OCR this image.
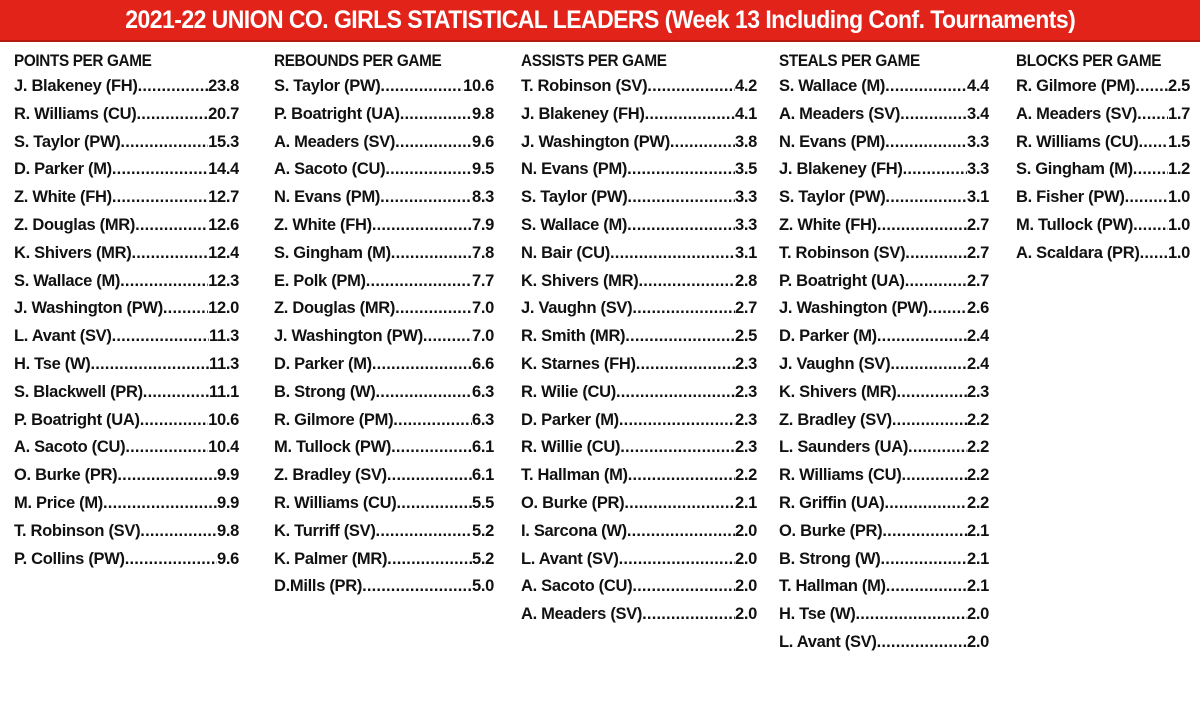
2021-22 UNION CO. GIRLS STATISTICAL LEADERS (Week 13 Including Conf. Tournaments)
POINTS PER GAME
J. Blakeney (FH) .....	23.8
R. Williams (CU) .....	20.7
S. Taylor (PW) .....	15.3
D. Parker (M) .....	14.4
Z. White (FH) .....	12.7
Z. Douglas (MR) .....	12.6
K. Shivers (MR) .....	12.4
S. Wallace (M) .....	12.3
J. Washington (PW) .....	12.0
L. Avant (SV) .....	11.3
H. Tse (W) .....	11.3
S. Blackwell (PR) .....	11.1
P. Boatright (UA) .....	10.6
A. Sacoto (CU) .....	10.4
O. Burke (PR) .....	9.9
M. Price (M) .....	9.9
T. Robinson (SV) .....	9.8
P. Collins (PW) .....	9.6
REBOUNDS PER GAME
S. Taylor (PW) .....	10.6
P. Boatright (UA) .....	9.8
A. Meaders (SV) .....	9.6
A. Sacoto (CU) .....	9.5
N. Evans (PM) .....	8.3
Z. White (FH) .....	7.9
S. Gingham (M) .....	7.8
E. Polk (PM) .....	7.7
Z. Douglas (MR) .....	7.0
J. Washington (PW) .....	7.0
D. Parker (M) .....	6.6
B. Strong (W) .....	6.3
R. Gilmore (PM) .....	6.3
M. Tullock (PW) .....	6.1
Z. Bradley (SV) .....	6.1
R. Williams (CU) .....	5.5
K. Turriff (SV) .....	5.2
K. Palmer (MR) .....	5.2
D.Mills (PR) .....	5.0
ASSISTS PER GAME
T. Robinson (SV) .....	4.2
J. Blakeney (FH) .....	4.1
J. Washington (PW) .....	3.8
N. Evans (PM) .....	3.5
S. Taylor (PW) .....	3.3
S. Wallace (M) .....	3.3
N. Bair (CU) .....	3.1
K. Shivers (MR) .....	2.8
J. Vaughn (SV) .....	2.7
R. Smith (MR) .....	2.5
K. Starnes (FH) .....	2.3
R. Wilie (CU) .....	2.3
D. Parker (M) .....	2.3
R. Willie (CU) .....	2.3
T. Hallman (M) .....	2.2
O. Burke (PR) .....	2.1
I. Sarcona (W) .....	2.0
L. Avant (SV) .....	2.0
A. Sacoto (CU) .....	2.0
A. Meaders (SV) .....	2.0
STEALS PER GAME
S. Wallace (M) .....	4.4
A. Meaders (SV) .....	3.4
N. Evans (PM) .....	3.3
J. Blakeney (FH) .....	3.3
S. Taylor (PW) .....	3.1
Z. White (FH) .....	2.7
T. Robinson (SV) .....	2.7
P. Boatright (UA) .....	2.7
J. Washington (PW) ..... 2.6
D. Parker (M) .....	2.4
J. Vaughn (SV) .....	2.4
K. Shivers (MR) .....	2.3
Z. Bradley (SV) .....	2.2
L. Saunders (UA) .....	2.2
R. Williams (CU) .....	2.2
R. Griffin (UA) .....	2.2
O. Burke (PR) .....	2.1
B. Strong (W) .....	2.1
T. Hallman (M) .....	2.1
H. Tse (W) .....	2.0
L. Avant (SV) .....	2.0
BLOCKS PER GAME
R. Gilmore (PM) ..... 2.5
A. Meaders (SV) ..... 1.7
R. Williams (CU) ..... 1.5
S. Gingham (M) ..... 1.2
B. Fisher (PW) .....	1.0
M. Tullock (PW) ..... 1.0
A. Scaldara (PR) ..... 1.0
